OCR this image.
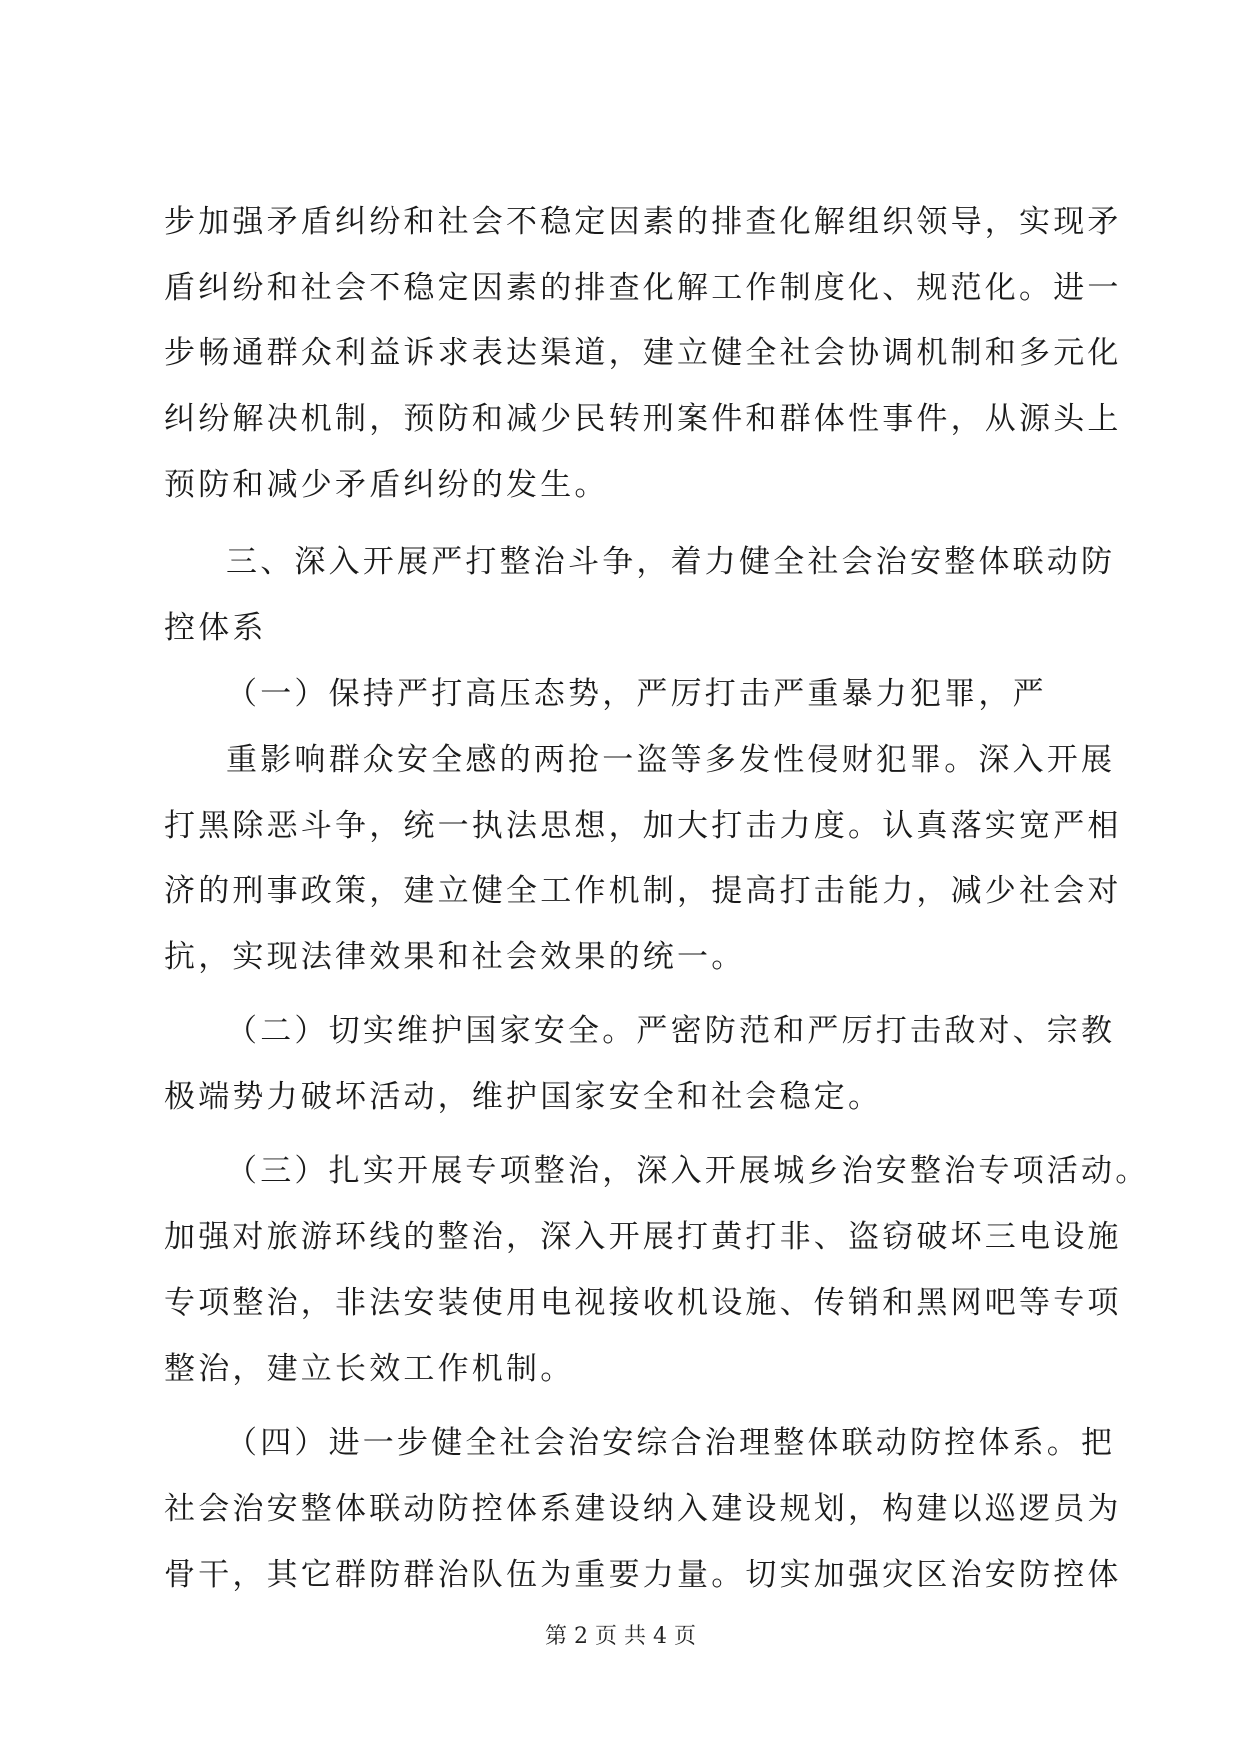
步加强矛盾纠纷和社会不稳定因素的排查化解组织领导，实现矛
盾纠纷和社会不稳定因素的排查化解工作制度化、规范化。进一
步畅通群众利益诉求表达渠道，建立健全社会协调机制和多元化
纠纷解决机制，预防和减少民转刑案件和群体性事件，从源头上
预防和减少矛盾纠纷的发生。
三、深入开展严打整治斗争，着力健全社会治安整体联动防
控体系
（一）保持严打高压态势，严厉打击严重暴力犯罪，严
重影响群众安全感的两抢一盗等多发性侵财犯罪。深入开展
打黑除恶斗争，统一执法思想，加大打击力度。认真落实宽严相
济的刑事政策，建立健全工作机制，提高打击能力，减少社会对
抗，实现法律效果和社会效果的统一。
（二）切实维护国家安全。严密防范和严厉打击敌对、宗教
极端势力破坏活动，维护国家安全和社会稳定。
（三）扎实开展专项整治，深入开展城乡治安整治专项活动。
加强对旅游环线的整治，深入开展打黄打非、盗窃破坏三电设施
专项整治，非法安装使用电视接收机设施、传销和黑网吧等专项
整治，建立长效工作机制。
（四）进一步健全社会治安综合治理整体联动防控体系。把
社会治安整体联动防控体系建设纳入建设规划，构建以巡逻员为
骨干，其它群防群治队伍为重要力量。切实加强灾区治安防控体
第 2 页 共 4 页
